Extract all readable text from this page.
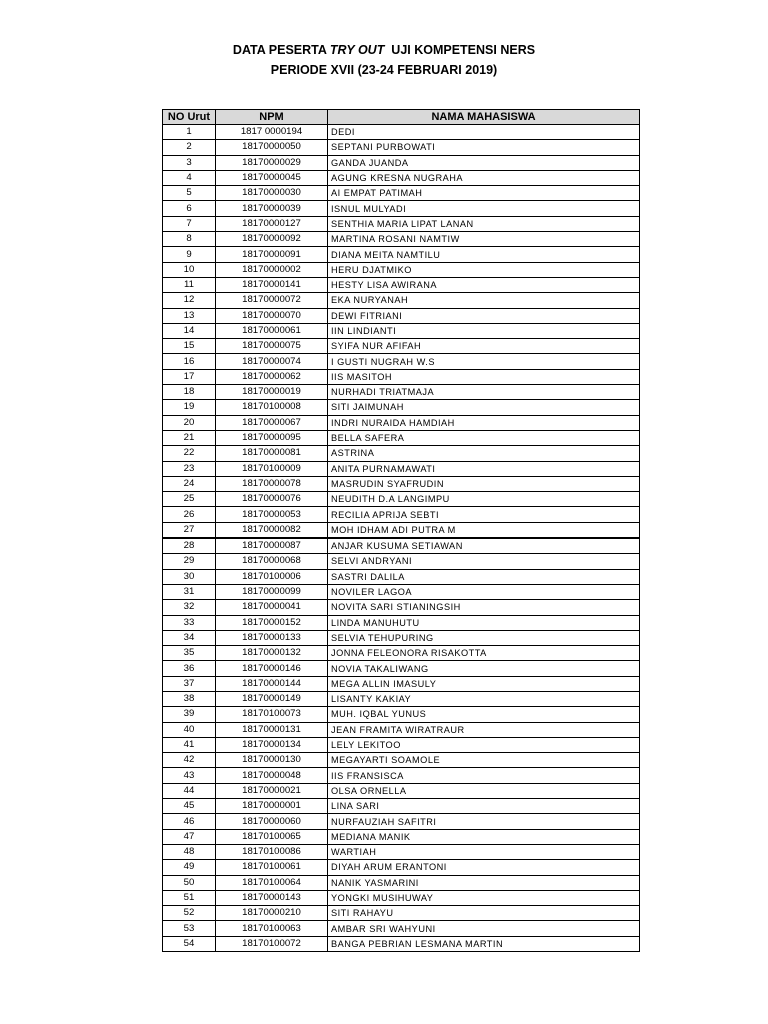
DATA PESERTA TRY OUT  UJI KOMPETENSI NERS
PERIODE XVII (23-24 FEBRUARI 2019)
NO Urut	NPM	NAMA MAHASISWA
1	1817 0000194	DEDI
2	18170000050	SEPTANI PURBOWATI
3	18170000029	GANDA JUANDA
4	18170000045	AGUNG KRESNA NUGRAHA
5	18170000030	AI EMPAT PATIMAH
6	18170000039	ISNUL MULYADI
7	18170000127	SENTHIA MARIA LIPAT LANAN
8	18170000092	MARTINA ROSANI NAMTIW
9	18170000091	DIANA MEITA NAMTILU
10	18170000002	HERU DJATMIKO
11	18170000141	HESTY LISA AWIRANA
12	18170000072	EKA NURYANAH
13	18170000070	DEWI FITRIANI
14	18170000061	IIN LINDIANTI
15	18170000075	SYIFA NUR AFIFAH
16	18170000074	I GUSTI NUGRAH W.S
17	18170000062	IIS MASITOH
18	18170000019	NURHADI TRIATMAJA
19	18170100008	SITI JAIMUNAH
20	18170000067	INDRI NURAIDA HAMDIAH
21	18170000095	BELLA SAFERA
22	18170000081	ASTRINA
23	18170100009	ANITA PURNAMAWATI
24	18170000078	MASRUDIN SYAFRUDIN
25	18170000076	NEUDITH D.A LANGIMPU
26	18170000053	RECILIA APRIJA SEBTI
27	18170000082	MOH IDHAM ADI PUTRA M
28	18170000087	ANJAR KUSUMA SETIAWAN
29	18170000068	SELVI ANDRYANI
30	18170100006	SASTRI DALILA
31	18170000099	NOVILER LAGOA
32	18170000041	NOVITA SARI STIANINGSIH
33	18170000152	LINDA MANUHUTU
34	18170000133	SELVIA TEHUPURING
35	18170000132	JONNA FELEONORA RISAKOTTA
36	18170000146	NOVIA TAKALIWANG
37	18170000144	MEGA ALLIN IMASULY
38	18170000149	LISANTY KAKIAY
39	18170100073	MUH. IQBAL YUNUS
40	18170000131	JEAN FRAMITA WIRATRAUR
41	18170000134	LELY LEKITOO
42	18170000130	MEGAYARTI SOAMOLE
43	18170000048	IIS FRANSISCA
44	18170000021	OLSA ORNELLA
45	18170000001	LINA SARI
46	18170000060	NURFAUZIAH SAFITRI
47	18170100065	MEDIANA MANIK
48	18170100086	WARTIAH
49	18170100061	DIYAH ARUM ERANTONI
50	18170100064	NANIK YASMARINI
51	18170000143	YONGKI MUSIHUWAY
52	18170000210	SITI RAHAYU
53	18170100063	AMBAR SRI WAHYUNI
54	18170100072	BANGA PEBRIAN LESMANA MARTIN
